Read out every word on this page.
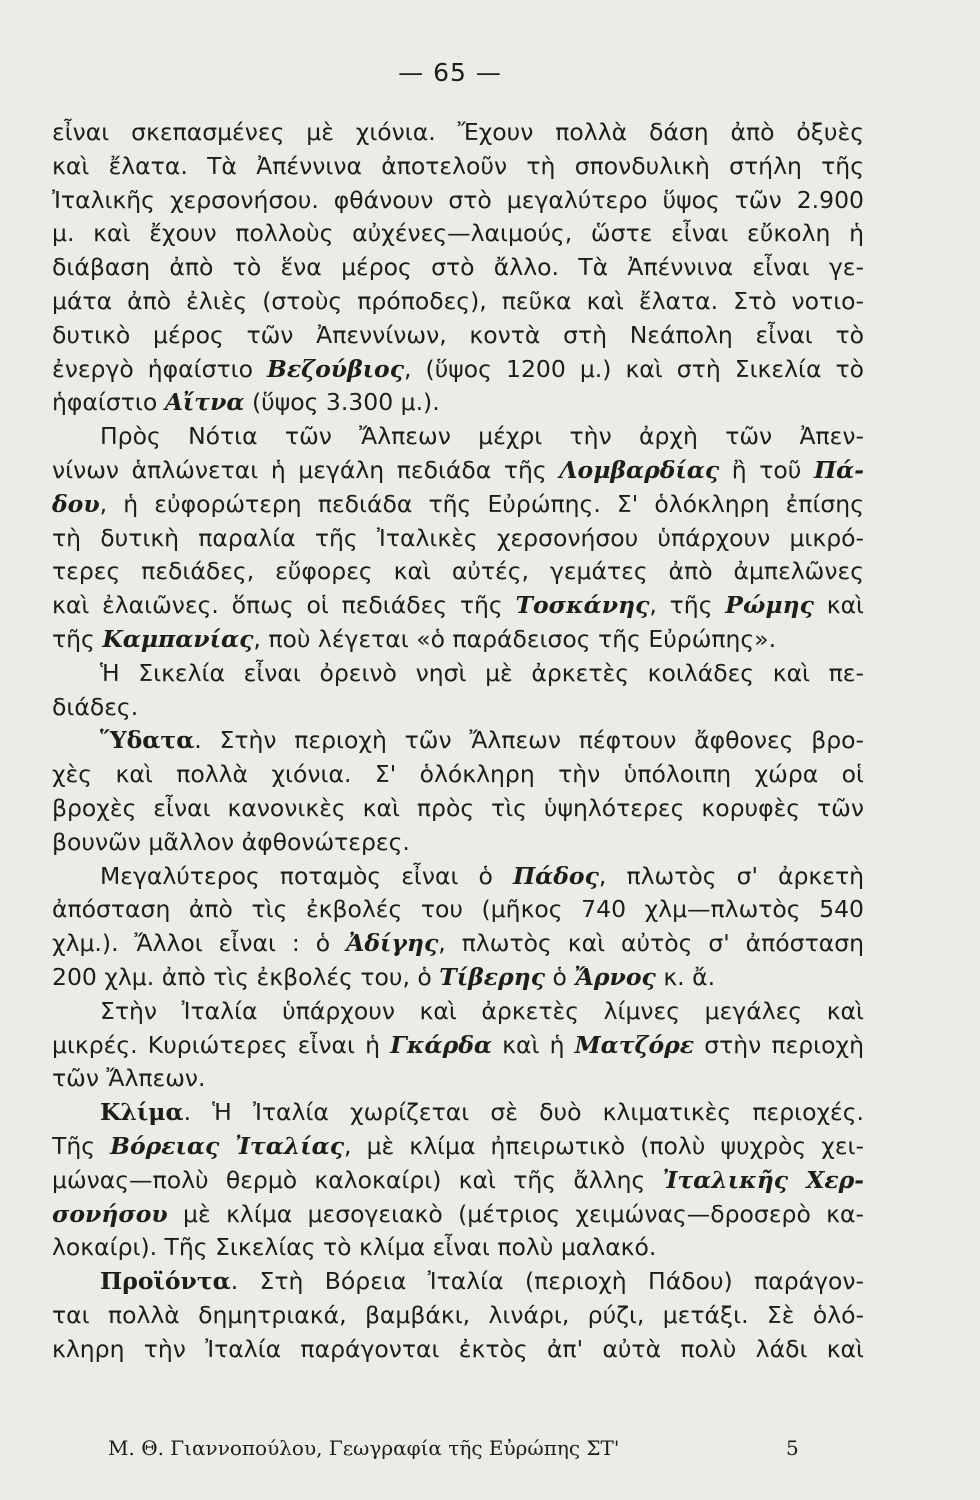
— 65 —
εἶναι σκεπασμένες μὲ χιόνια. Ἔχουν πολλὰ δάση ἀπὸ ὀξυὲς
καὶ ἔλατα. Τὰ Ἀπέννινα ἀποτελοῦν τὴ σπονδυλικὴ στήλη τῆς
Ἰταλικῆς χερσονήσου. φθάνουν στὸ μεγαλύτερο ὕψος τῶν 2.900
μ. καὶ ἔχουν πολλοὺς αὐχένες—λαιμούς, ὥστε εἶναι εὔκολη ἡ
διάβαση ἀπὸ τὸ ἕνα μέρος στὸ ἄλλο. Τὰ Ἀπέννινα εἶναι γε-
μάτα ἀπὸ ἐλιὲς (στοὺς πρόποδες), πεῦκα καὶ ἔλατα. Στὸ νοτιο-
δυτικὸ μέρος τῶν Ἀπεννίνων, κοντὰ στὴ Νεάπολη εἶναι τὸ
ἐνεργὸ ἡφαίστιο Βεζούβιος, (ὕψος 1200 μ.) καὶ στὴ Σικελία τὸ
ἡφαίστιο Αἴτνα (ὕψος 3.300 μ.).
Πρὸς Νότια τῶν Ἄλπεων μέχρι τὴν ἀρχὴ τῶν Ἀπεν-
νίνων ἁπλώνεται ἡ μεγάλη πεδιάδα τῆς Λομβαρδίας ἢ τοῦ Πά-
δου, ἡ εὐφορώτερη πεδιάδα τῆς Εὐρώπης. Σ' ὁλόκληρη ἐπίσης
τὴ δυτικὴ παραλία τῆς Ἰταλικὲς χερσονήσου ὑπάρχουν μικρό-
τερες πεδιάδες, εὔφορες καὶ αὐτές, γεμάτες ἀπὸ ἀμπελῶνες
καὶ ἐλαιῶνες. ὅπως οἱ πεδιάδες τῆς Τοσκάνης, τῆς Ρώμης καὶ
τῆς Καμπανίας, ποὺ λέγεται «ὁ παράδεισος τῆς Εὐρώπης».
Ἡ Σικελία εἶναι ὀρεινὸ νησὶ μὲ ἀρκετὲς κοιλάδες καὶ πε-
διάδες.
Ὕδατα. Στὴν περιοχὴ τῶν Ἄλπεων πέφτουν ἄφθονες βρο-
χὲς καὶ πολλὰ χιόνια. Σ' ὁλόκληρη τὴν ὑπόλοιπη χώρα οἱ
βροχὲς εἶναι κανονικὲς καὶ πρὸς τὶς ὑψηλότερες κορυφὲς τῶν
βουνῶν μᾶλλον ἀφθονώτερες.
Μεγαλύτερος ποταμὸς εἶναι ὁ Πάδος, πλωτὸς σ' ἀρκετὴ
ἀπόσταση ἀπὸ τὶς ἐκβολές του (μῆκος 740 χλμ—πλωτὸς 540
χλμ.). Ἄλλοι εἶναι : ὁ Ἀδίγης, πλωτὸς καὶ αὐτὸς σ' ἀπόσταση
200 χλμ. ἀπὸ τὶς ἐκβολές του, ὁ Τίβερης ὁ Ἄρνος κ. ἄ.
Στὴν Ἰταλία ὑπάρχουν καὶ ἀρκετὲς λίμνες μεγάλες καὶ
μικρές. Κυριώτερες εἶναι ἡ Γκάρδα καὶ ἡ Ματζόρε στὴν περιοχὴ
τῶν Ἄλπεων.
Κλίμα. Ἡ Ἰταλία χωρίζεται σὲ δυὸ κλιματικὲς περιοχές.
Τῆς Βόρειας Ἰταλίας, μὲ κλίμα ἠπειρωτικὸ (πολὺ ψυχρὸς χει-
μώνας—πολὺ θερμὸ καλοκαίρι) καὶ τῆς ἄλλης Ἰταλικῆς Χερ-
σονήσου μὲ κλίμα μεσογειακὸ (μέτριος χειμώνας—δροσερὸ κα-
λοκαίρι). Τῆς Σικελίας τὸ κλίμα εἶναι πολὺ μαλακό.
Προϊόντα. Στὴ Βόρεια Ἰταλία (περιοχὴ Πάδου) παράγον-
ται πολλὰ δημητριακά, βαμβάκι, λινάρι, ρύζι, μετάξι. Σὲ ὁλό-
κληρη τὴν Ἰταλία παράγονται ἐκτὸς ἀπ' αὐτὰ πολὺ λάδι καὶ
Μ. Θ. Γιαννοπούλου, Γεωγραφία τῆς Εὐρώπης ΣΤ'	5
